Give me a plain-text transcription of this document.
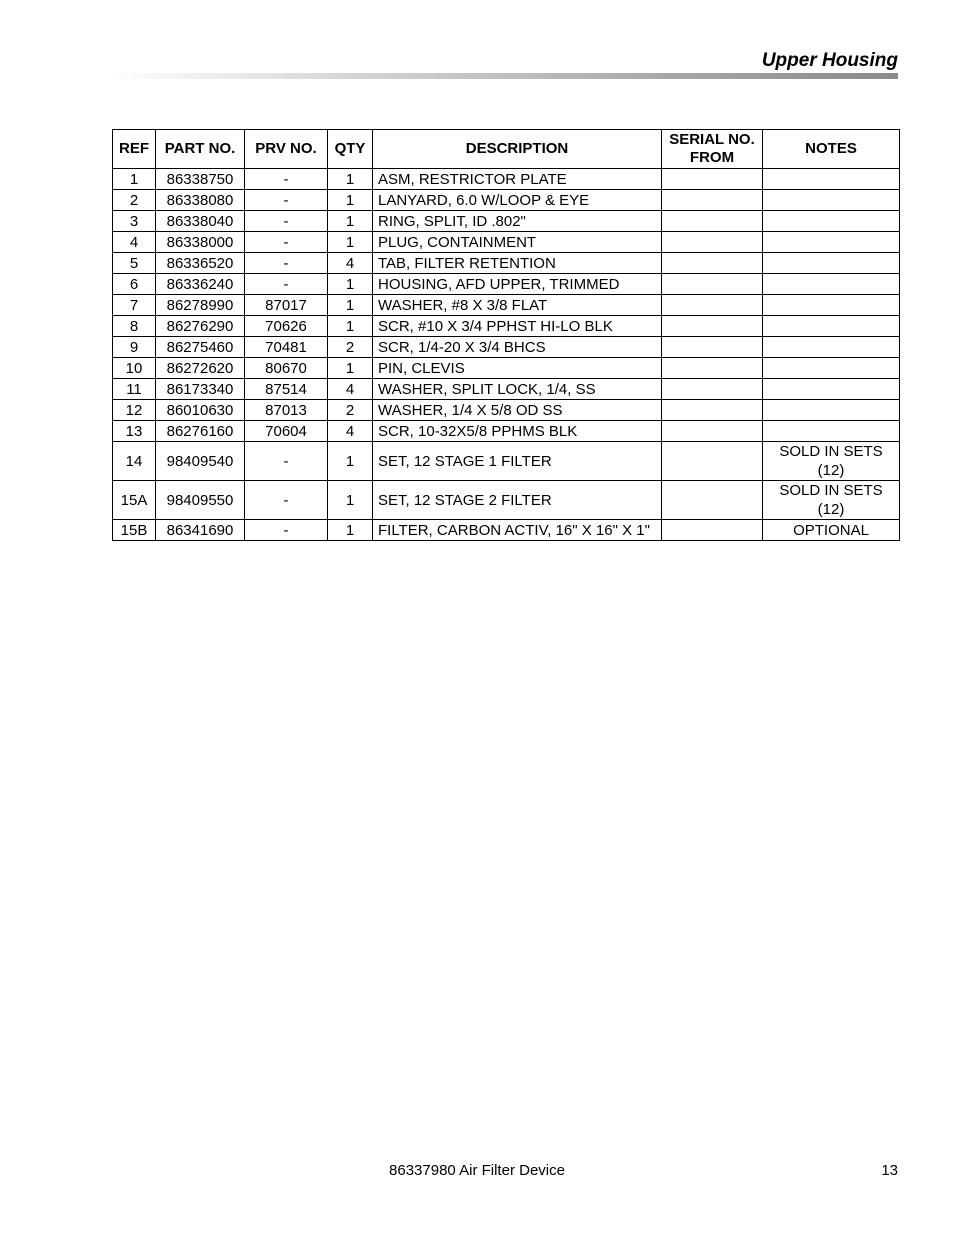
Upper Housing
REF	PART NO.	PRV NO.	QTY	DESCRIPTION	SERIAL NO. FROM	NOTES
1	86338750	-	1	ASM, RESTRICTOR PLATE		
2	86338080	-	1	LANYARD, 6.0 W/LOOP & EYE		
3	86338040	-	1	RING, SPLIT, ID .802"		
4	86338000	-	1	PLUG, CONTAINMENT		
5	86336520	-	4	TAB, FILTER RETENTION		
6	86336240	-	1	HOUSING, AFD UPPER, TRIMMED		
7	86278990	87017	1	WASHER, #8 X 3/8 FLAT		
8	86276290	70626	1	SCR, #10 X 3/4 PPHST HI-LO BLK		
9	86275460	70481	2	SCR, 1/4-20 X 3/4 BHCS		
10	86272620	80670	1	PIN, CLEVIS		
11	86173340	87514	4	WASHER, SPLIT LOCK, 1/4, SS		
12	86010630	87013	2	WASHER, 1/4 X 5/8 OD SS		
13	86276160	70604	4	SCR, 10-32X5/8 PPHMS BLK		
14	98409540	-	1	SET, 12 STAGE 1 FILTER		SOLD IN SETS (12)
15A	98409550	-	1	SET, 12 STAGE 2 FILTER		SOLD IN SETS (12)
15B	86341690	-	1	FILTER, CARBON ACTIV, 16" X 16" X 1"		OPTIONAL
86337980 Air Filter Device	13
